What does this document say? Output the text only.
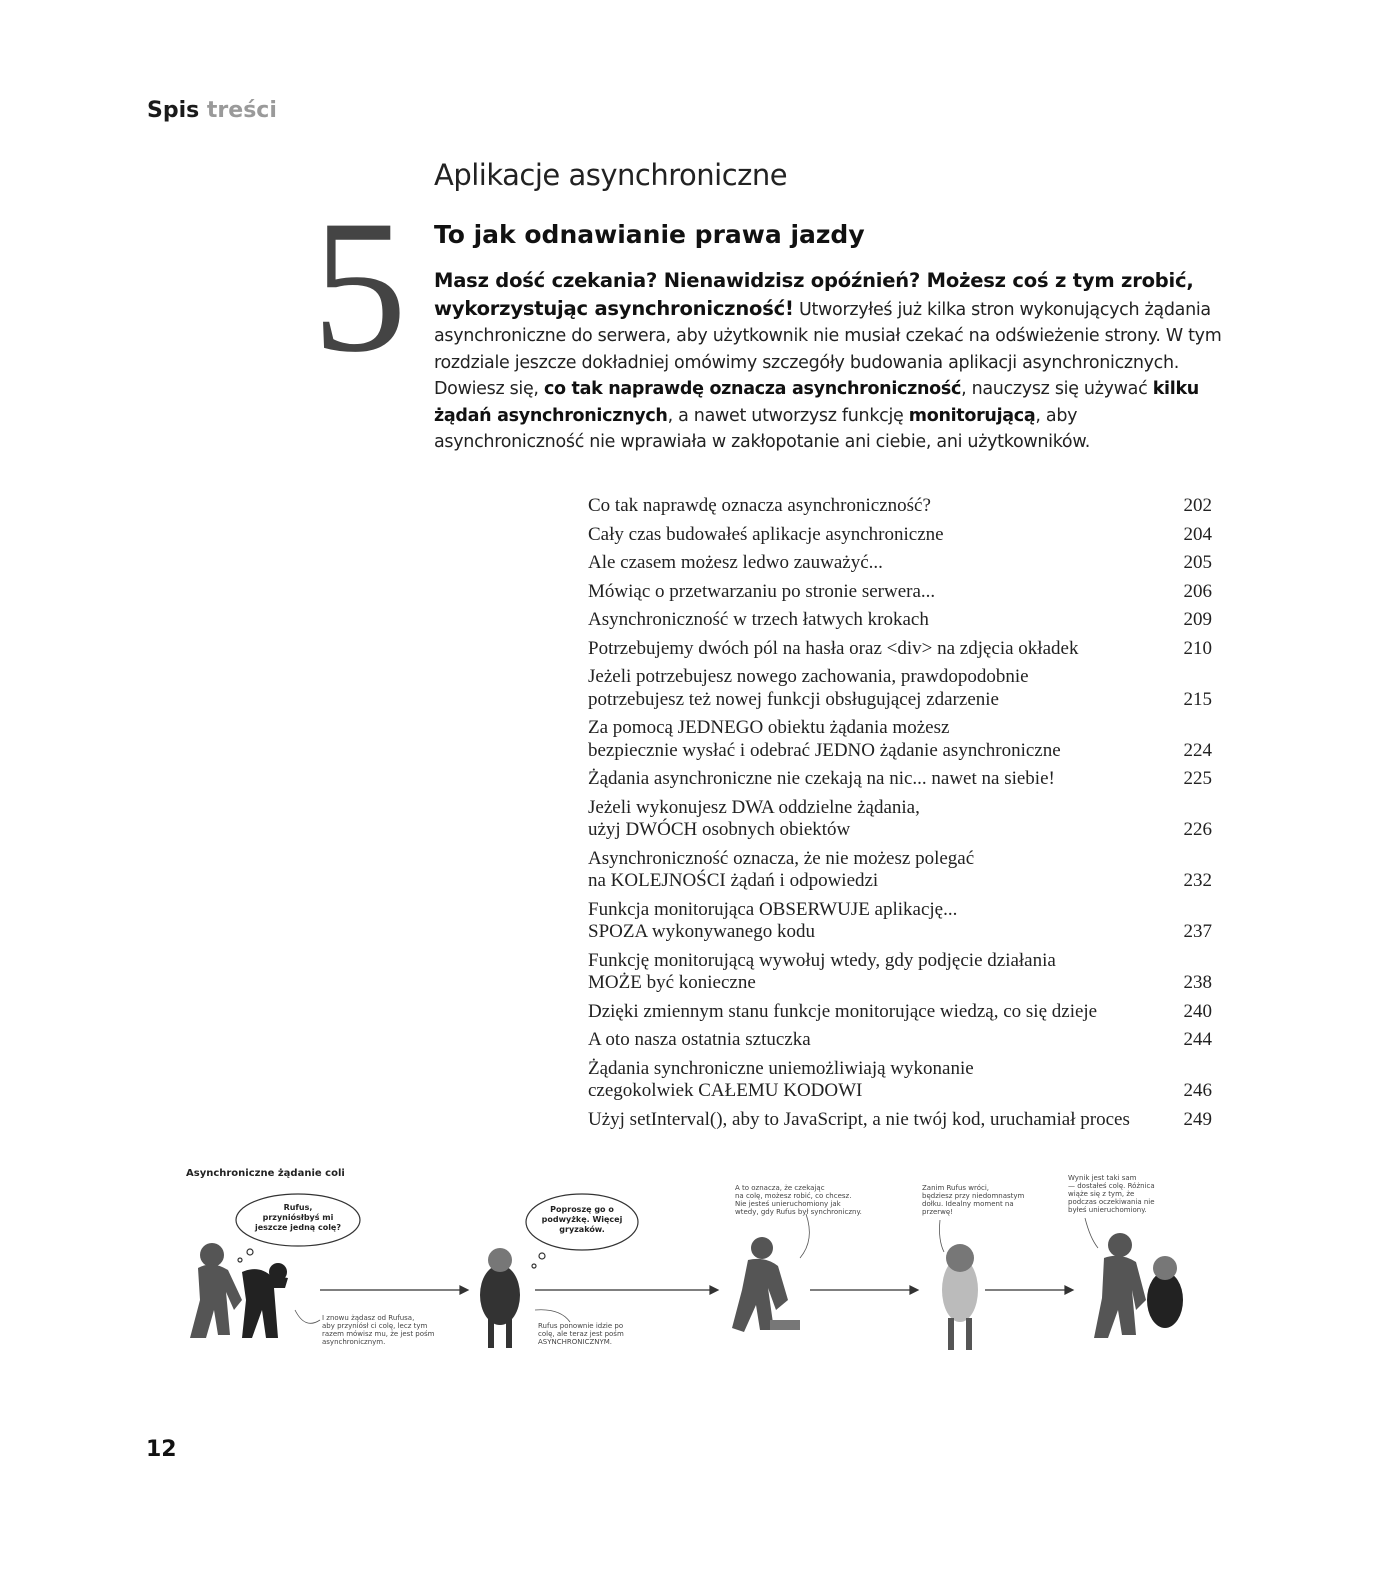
Spis treści
Aplikacje asynchroniczne
5 To jak odnawianie prawa jazdy
Masz dość czekania? Nienawidzisz opóźnień? Możesz coś z tym zrobić, wykorzystując asynchroniczność! Utworzyłeś już kilka stron wykonujących żądania asynchroniczne do serwera, aby użytkownik nie musiał czekać na odświeżenie strony. W tym rozdziale jeszcze dokładniej omówimy szczegóły budowania aplikacji asynchronicznych. Dowiesz się, co tak naprawdę oznacza asynchroniczność, nauczysz się używać kilku żądań asynchronicznych, a nawet utworzysz funkcję monitorującą, aby asynchroniczność nie wprawiała w zakłopotanie ani ciebie, ani użytkowników.
Co tak naprawdę oznacza asynchroniczność?	202
Cały czas budowałeś aplikacje asynchroniczne	204
Ale czasem możesz ledwo zauważyć...	205
Mówiąc o przetwarzaniu po stronie serwera...	206
Asynchroniczność w trzech łatwych krokach	209
Potrzebujemy dwóch pól na hasła oraz <div> na zdjęcia okładek	210
Jeżeli potrzebujesz nowego zachowania, prawdopodobnie
potrzebujesz też nowej funkcji obsługującej zdarzenie	215
Za pomocą JEDNEGO obiektu żądania możesz
bezpiecznie wysłać i odebrać JEDNO żądanie asynchroniczne	224
Żądania asynchroniczne nie czekają na nic... nawet na siebie!	225
Jeżeli wykonujesz DWA oddzielne żądania,
użyj DWÓCH osobnych obiektów	226
Asynchroniczność oznacza, że nie możesz polegać
na KOLEJNOŚCI żądań i odpowiedzi	232
Funkcja monitorująca OBSERWUJE aplikację...
SPOZA wykonywanego kodu	237
Funkcję monitorującą wywołuj wtedy, gdy podjęcie działania
MOŻE być konieczne	238
Dzięki zmiennym stanu funkcje monitorujące wiedzą, co się dzieje	240
A oto nasza ostatnia sztuczka	244
Żądania synchroniczne uniemożliwiają wykonanie
czegokolwiek CAŁEMU KODOWI	246
Użyj setInterval(), aby to JavaScript, a nie twój kod, uruchamiał proces	249
Asynchroniczne żądanie coli
Rufus,
przyniósłbyś mi
jeszcze jedną colę?
Poproszę go o
podwyżkę. Więcej
gryzaków.
I znowu żądasz od Rufusa,
aby przyniósł ci colę, lecz tym
razem mówisz mu, że jest pośm
asynchronicznym.
Rufus ponownie idzie po
colę, ale teraz jest pośm
ASYNCHRONICZNYM.
A to oznacza, że czekając
na colę, możesz robić, co chcesz.
Nie jesteś unieruchomiony jak
wtedy, gdy Rufus był synchroniczny.
Zanim Rufus wróci,
będziesz przy niedomnastym
dołku. Idealny moment na
przerwę!
Wynik jest taki sam
— dostałeś colę. Różnica
wiąże się z tym, że
podczas oczekiwania nie
byłeś unieruchomiony.
12
